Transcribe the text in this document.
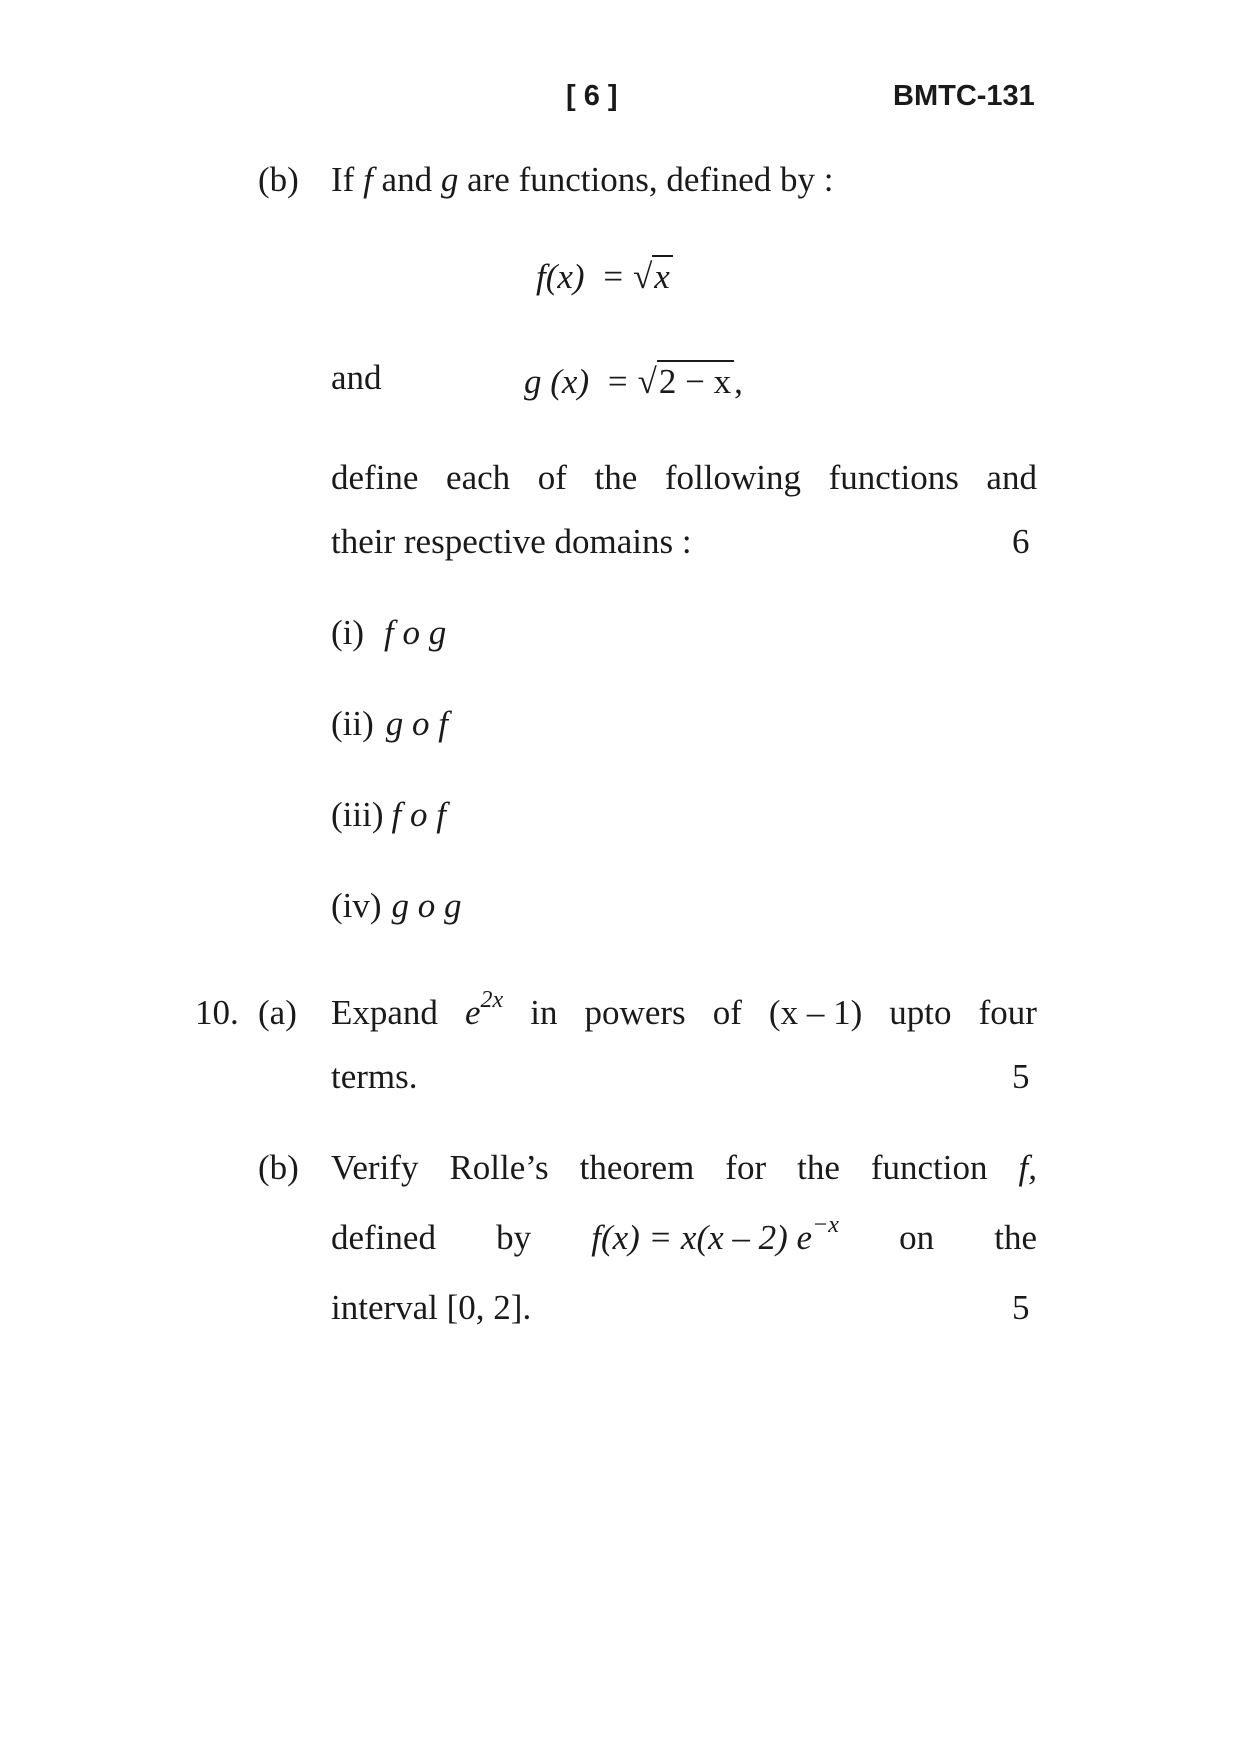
[ 6 ]	BMTC-131
(b) If f and g are functions, defined by :
f(x) = √x
and	g (x) = √2 − x,
define each of the following functions and
their respective domains :	6
(i) f o g
(ii) g o f
(iii) f o f
(iv) g o g
10. (a) Expand $e^{2x}$ in powers of (x – 1) upto four
terms.	5
(b) Verify Rolle’s theorem for the function f,
defined by f(x) = x(x – 2) $e^{-x}$ on the
interval [0, 2].	5
